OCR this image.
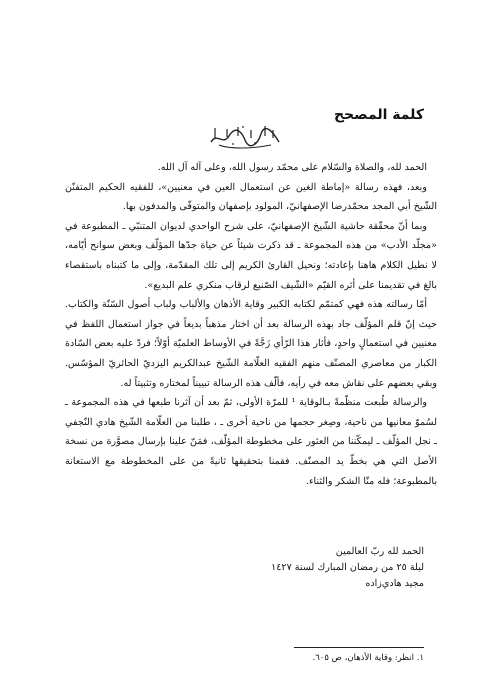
كلمة المصحح

الحمد لله، والصلاة والسّلام على محمّد رسول الله، وعلى آله آل الله.

وبعد، فهذه رسالة «إماطة الغين عن استعمال العين في معنيين»، للفقيه الحكيم المتفنّن الشّيخ أبي المجد محمّدرضا الإصفهانيّ، المولود بإصفهان والمتوفّى والمدفون بها.

وبما أنّ محقّقة حاشية الشّيخ الإصفهانيّ، على شرح الواحدي لديوان المتنبّي ـ المطبوعة في «مجلّد الأدب» من هذه المجموعة ـ قد ذكرت شيئاً عن حياة جدّها المؤلّف وبعض سوانح أيّامه، لا نطيل الكلام هاهنا بإعادته؛ ونحيل القارئ الكريم إلى تلك المقدّمة، وإلى ما كتبناه باستقصاء بالغ في تقديمنا على أثره القيّم «الشّيف الصّنيع لرقاب منكري علم البديع».

أمّا رسالته هذه فهي كمتمّم لكتابه الكبير وقاية الأذهان والألباب ولباب أصول السّنّة والكتاب. حيث إنّ قلم المؤلّف جاد بهذه الرسالة بعد أن اختار مذهباً بديعاً في جواز استعمال اللفظ في معنيين في استعمالٍ واحدٍ، فأثار هذا الرّأي زَجَّةً في الأوساط العلميّة أوّلاً؛ فردّ عليه بعض السّادة الكبار من معاصري المصنّف منهم الفقيه العلّامة الشّيخ عبدالكريم اليزديّ الحائريّ المؤسّس. وبقي بعضهم على نقاش معه في رأيه، فألّف هذه الرسالة تبييناً لمختاره وتثبيتاً له.

والرسالة طُبعت منظّمةً بـالوقاية ¹ للمرّة الأولى، ثمّ بعد أن آثرنا طبعها في هذه المجموعة ـ لسُموّ معانيها من ناحية، وصِغر حجمها من ناحية أخرى ـ ، طلبنا من العلّامة الشّيخ هادي النّجفي ـ نجل المؤلّف ـ ليمكّننا من العثور على مخطوطة المؤلّف، فمَنّ علينا بإرسال مصوَّرة من نسخة الأصل التي هي بخطّ يد المصنّف. فقمنا بتحقيقها ثانيةً من على المخطوطة مع الاستعانة بالمطبوعة؛ فله منّا الشكر والثناء.

الحمد لله ربّ العالمين
ليلة ٢٥ من رمضان المبارك لسنة ١٤٢٧
مجيد هادي‌زاده
١. انظر: وقاية الأذهان، ص ٦٠٥.
